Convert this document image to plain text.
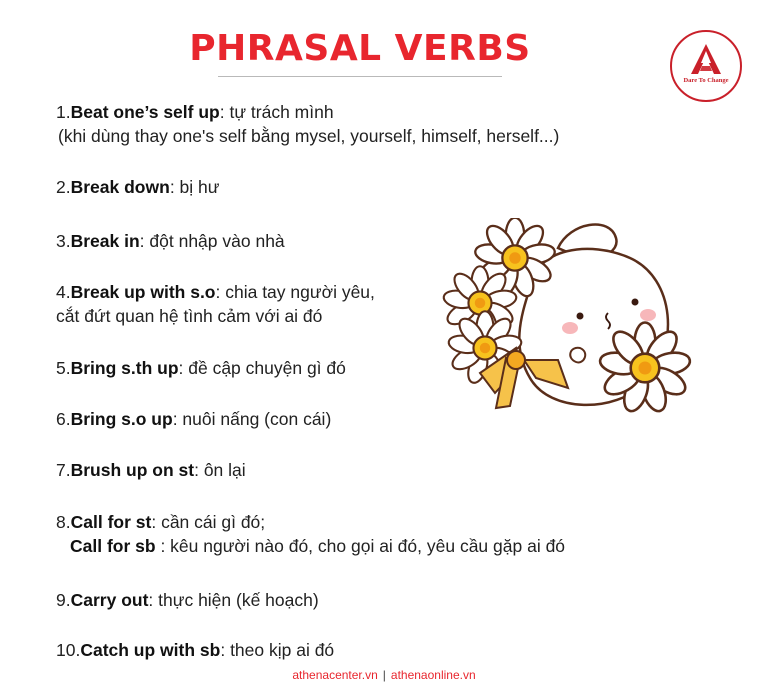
PHRASAL VERBS
Dare To Change
1.Beat one’s self up: tự trách mình
(khi dùng thay one's self bằng mysel, yourself, himself, herself...)
2.Break down: bị hư
3.Break in: đột nhập vào nhà
4.Break up with s.o: chia tay người yêu,
cắt đứt quan hệ tình cảm với ai đó
5.Bring s.th up: đề cập chuyện gì đó
6.Bring s.o up: nuôi nấng (con cái)
7.Brush up on st: ôn lại
8.Call for st: cần cái gì đó;
Call for sb : kêu người nào đó, cho gọi ai đó, yêu cầu gặp ai đó
9.Carry out: thực hiện (kế hoạch)
10.Catch up with sb: theo kịp ai đó
athenacenter.vn | athenaonline.vn
